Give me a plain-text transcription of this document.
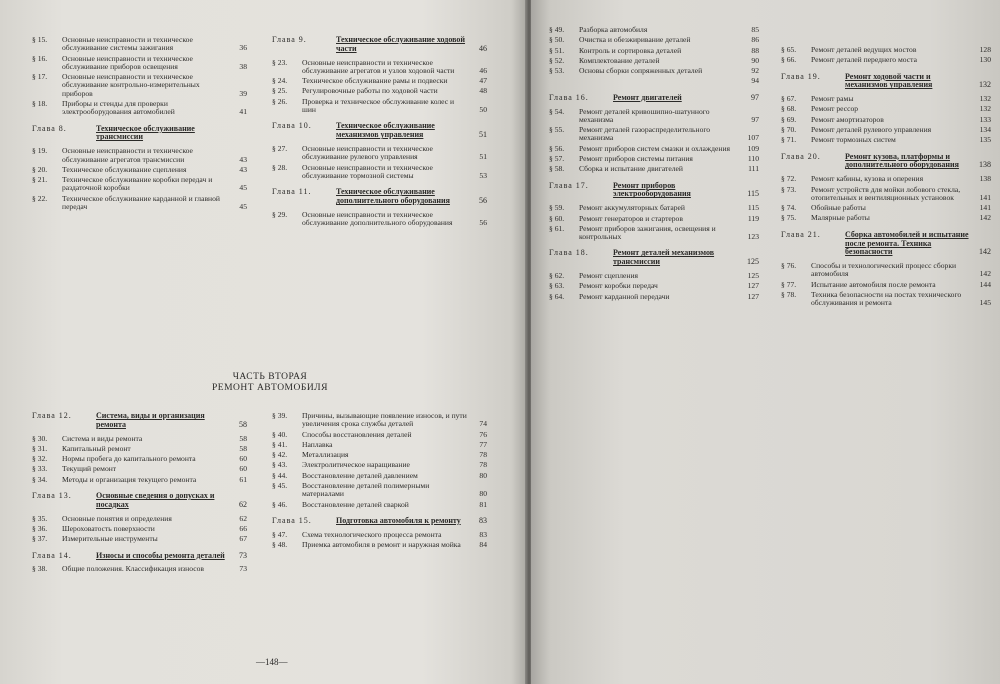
§ 15.	Основные неисправности и техническое обслуживание системы зажигания	36
§ 16.	Основные неисправности и техническое обслуживание приборов освещения	38
§ 17.	Основные неисправности и техническое обслуживание контрольно-измерительных приборов	39
§ 18.	Приборы и стенды для проверки электрооборудования автомобилей	41
Глава 8.	Техническое обслуживание трансмиссии
§ 19.	Основные неисправности и техническое обслуживание агрегатов трансмиссии	43
§ 20.	Техническое обслуживание сцепления	43
§ 21.	Техническое обслуживание коробки передач и раздаточной коробки	45
§ 22.	Техническое обслуживание карданной и главной передач	45
Глава 9.	Техническое обслуживание ходовой части	46
§ 23.	Основные неисправности и техническое обслуживание агрегатов и узлов ходовой части	46
§ 24.	Техническое обслуживание рамы и подвески	47
§ 25.	Регулировочные работы по ходовой части	48
§ 26.	Проверка и техническое обслуживание колес и шин	50
Глава 10.	Техническое обслуживание механизмов управления	51
§ 27.	Основные неисправности и техническое обслуживание рулевого управления	51
§ 28.	Основные неисправности и техническое обслуживание тормозной системы	53
Глава 11.	Техническое обслуживание дополнительного оборудования	56
§ 29.	Основные неисправности и техническое обслуживание дополнительного оборудования	56
ЧАСТЬ ВТОРАЯ
РЕМОНТ АВТОМОБИЛЯ
Глава 12.	Система, виды и организация ремонта	58
§ 30.	Система и виды ремонта	58
§ 31.	Капитальный ремонт	58
§ 32.	Нормы пробега до капитального ремонта	60
§ 33.	Текущий ремонт	60
§ 34.	Методы и организация текущего ремонта	61
Глава 13.	Основные сведения о допусках и посадках	62
§ 35.	Основные понятия и определения	62
§ 36.	Шероховатость поверхности	66
§ 37.	Измерительные инструменты	67
Глава 14.	Износы и способы ремонта деталей 73
§ 38.	Общие положения. Классификация износов	73
§ 39.	Причины, вызывающие появление износов, и пути увеличения срока службы деталей	74
§ 40.	Способы восстановления деталей	76
§ 41.	Наплавка	77
§ 42.	Металлизация	78
§ 43.	Электролитическое наращивание	78
§ 44.	Восстановление деталей давлением	80
§ 45.	Восстановление деталей полимерными материалами	80
§ 46.	Восстановление деталей сваркой	81
Глава 15.	Подготовка автомобиля к ремонту 83
§ 47.	Схема технологического процесса ремонта	83
§ 48.	Приемка автомобиля в ремонт и наружная мойка 84
—148—
§ 49.	Разборка автомобиля	85
§ 50.	Очистка и обезжиривание деталей	86
§ 51.	Контроль и сортировка деталей	88
§ 52.	Комплектование деталей	90
§ 53.	Основы сборки сопряженных деталей	92
94
Глава 16.	Ремонт двигателей	97
§ 54.	Ремонт деталей кривошипно-шатунного механизма	97
§ 55.	Ремонт деталей газораспределительного механизма	107
§ 56.	Ремонт приборов систем смазки и охлаждения 109
§ 57.	Ремонт приборов системы питания	110
§ 58.	Сборка и испытание двигателей	111
Глава 17.	Ремонт приборов электрооборудования	115
§ 59.	Ремонт аккумуляторных батарей	115
§ 60.	Ремонт генераторов и стартеров	119
§ 61.	Ремонт приборов зажигания, освещения и контрольных	123
Глава 18.	Ремонт деталей механизмов трансмиссии	125
§ 62.	Ремонт сцепления	125
§ 63.	Ремонт коробки передач	127
§ 64.	Ремонт карданной передачи	127
§ 65.	Ремонт деталей ведущих мостов	128
§ 66.	Ремонт деталей переднего моста	130
Глава 19.	Ремонт ходовой части и механизмов управления	132
§ 67.	Ремонт рамы	132
§ 68.	Ремонт рессор	132
§ 69.	Ремонт амортизаторов	133
§ 70.	Ремонт деталей рулевого управления	134
§ 71.	Ремонт тормозных систем	135
Глава 20.	Ремонт кузова, платформы и дополнительного оборудования	138
§ 72.	Ремонт кабины, кузова и оперения	138
§ 73.	Ремонт устройств для мойки лобового стекла, отопительных и вентиляционных установок	141
§ 74.	Обойные работы	141
§ 75.	Малярные работы	142
Глава 21.	Сборка автомобилей и испытание после ремонта. Техника безопасности	142
§ 76.	Способы и технологический процесс сборки автомобиля	142
§ 77.	Испытание автомобиля после ремонта	144
§ 78.	Техника безопасности на постах технического обслуживания и ремонта	145
